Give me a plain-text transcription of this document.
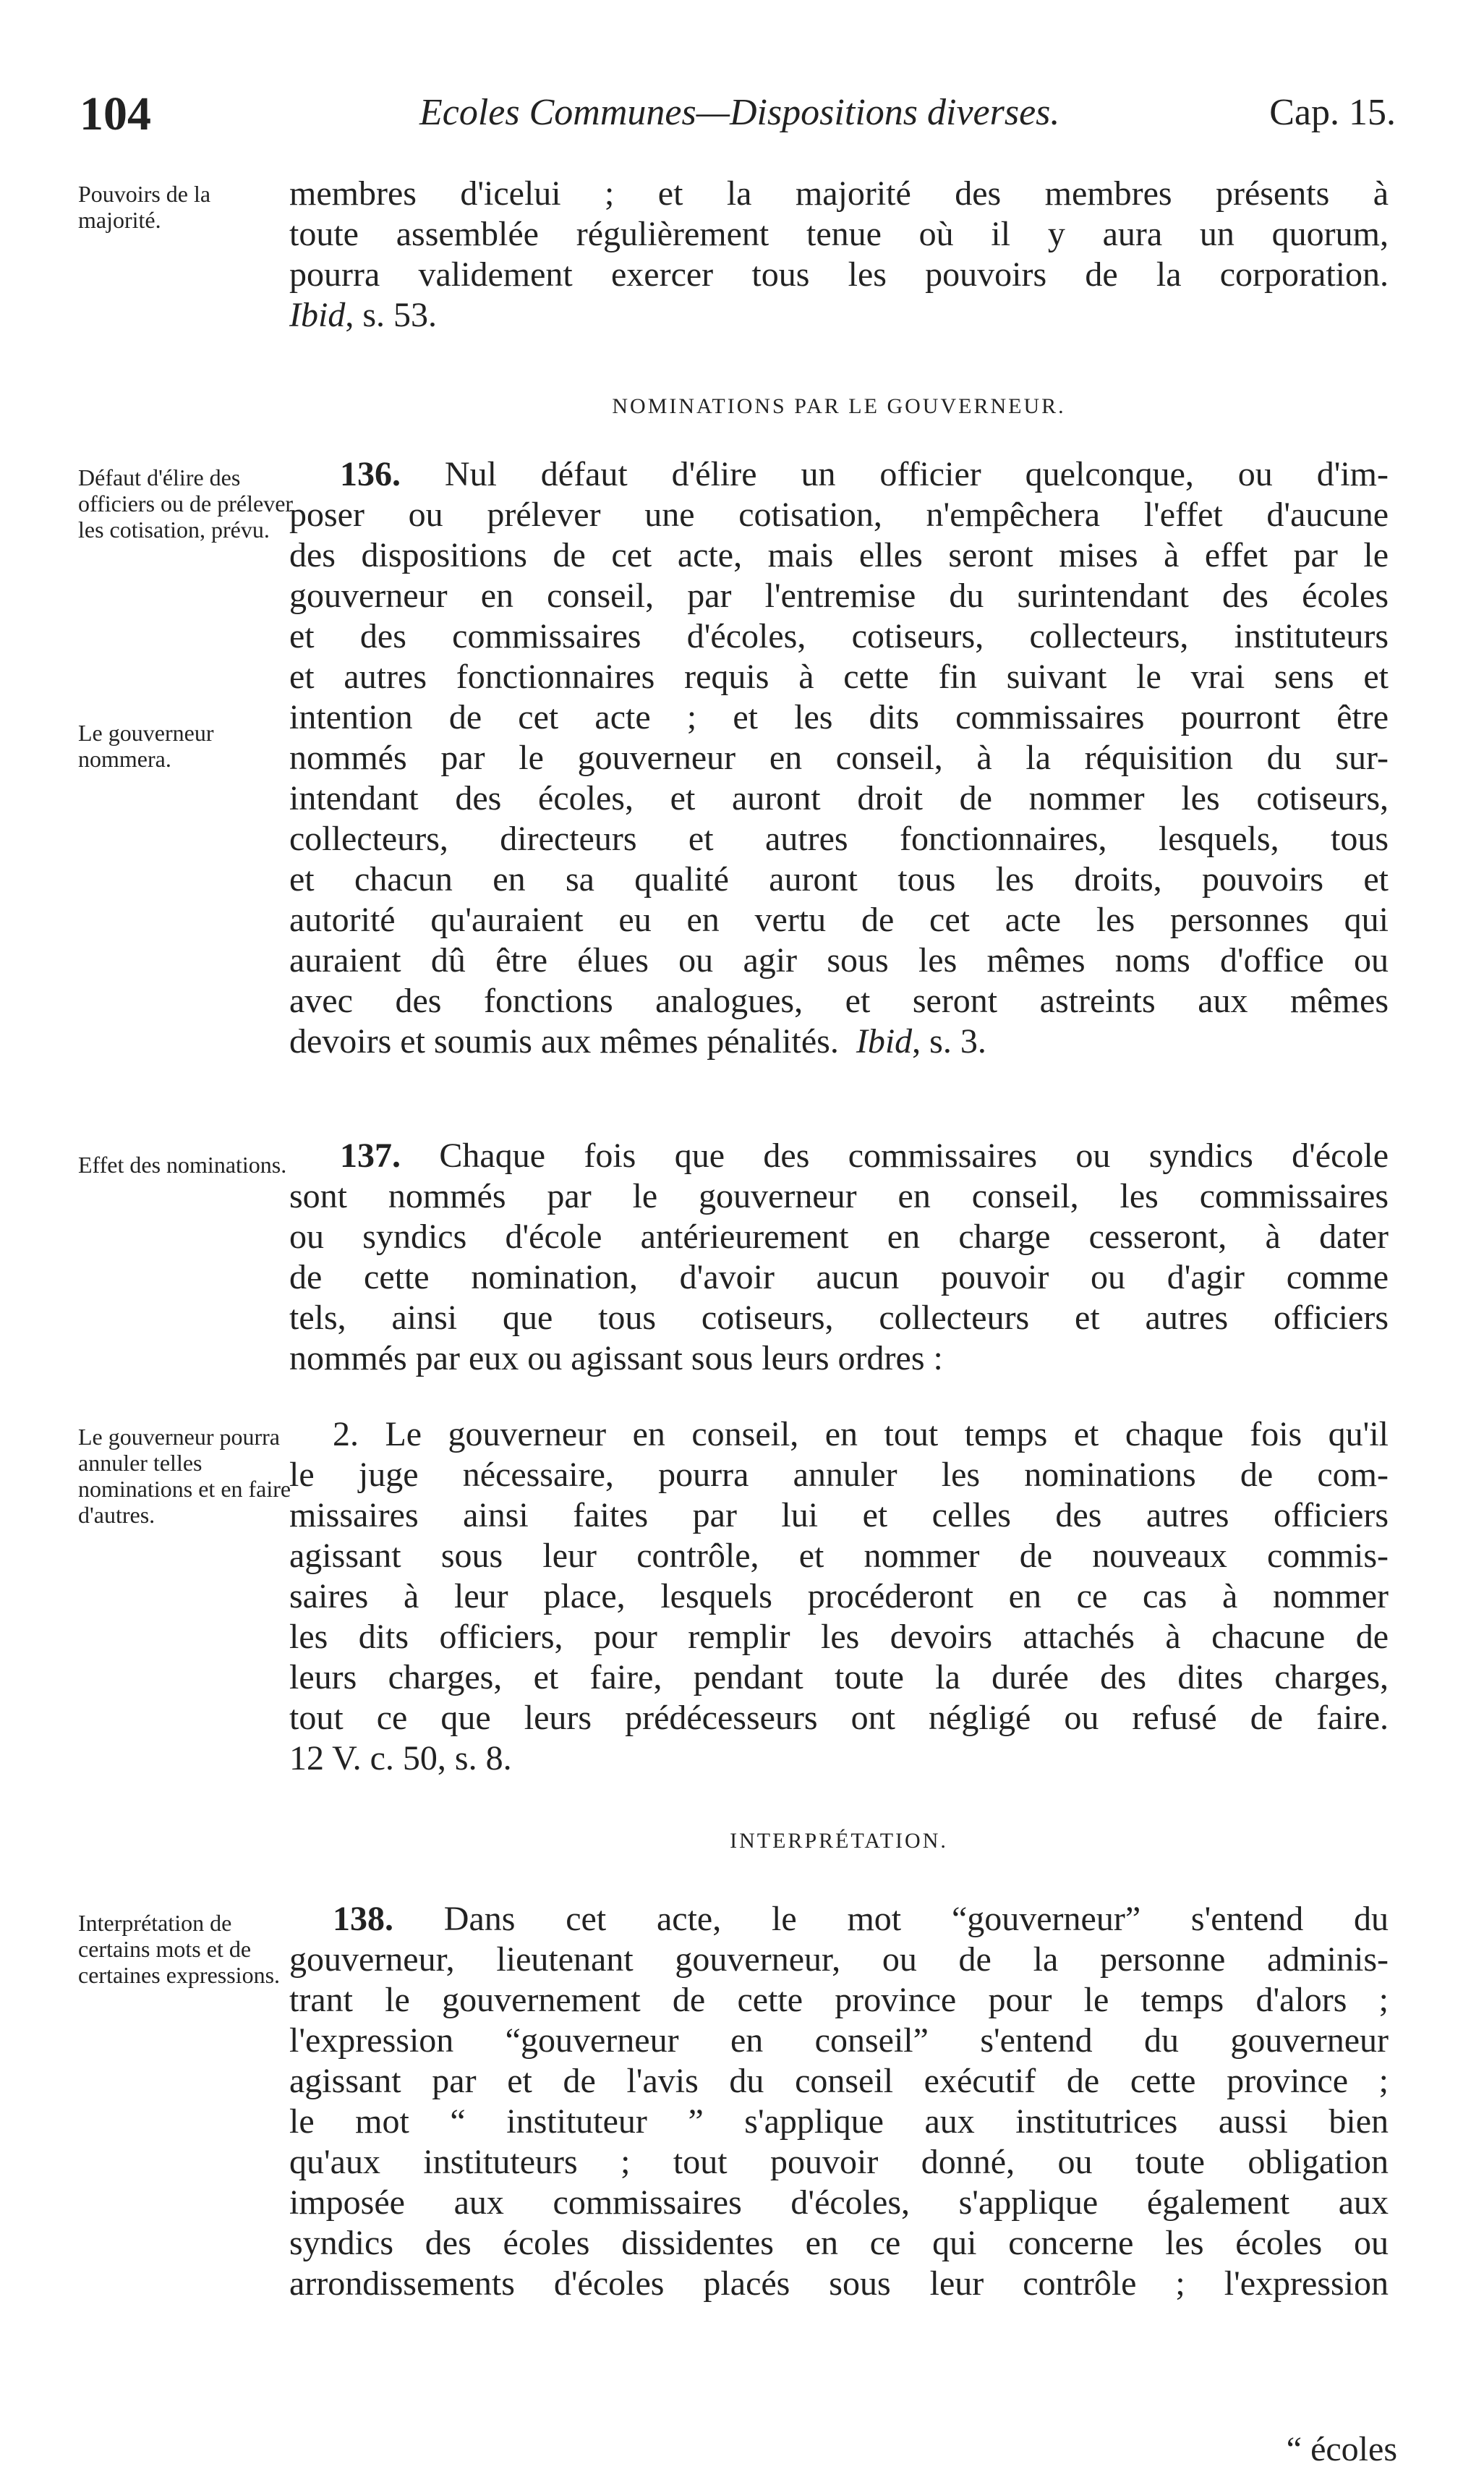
104	Ecoles Communes—Dispositions diverses.	Cap. 15.
Pouvoirs de la majorité.
membres d'icelui ; et la majorité des membres présents à
toute assemblée régulièrement tenue où il y aura un quorum,
pourra validement exercer tous les pouvoirs de la corporation.
Ibid, s. 53.
NOMINATIONS PAR LE GOUVERNEUR.
Défaut d'élire des officiers ou de prélever les cotisation, prévu.
Le gouverneur nommera.
136. Nul défaut d'élire un officier quelconque, ou d'im-
poser ou prélever une cotisation, n'empêchera l'effet d'aucune
des dispositions de cet acte, mais elles seront mises à effet par le
gouverneur en conseil, par l'entremise du surintendant des écoles
et des commissaires d'écoles, cotiseurs, collecteurs, instituteurs
et autres fonctionnaires requis à cette fin suivant le vrai sens et
intention de cet acte ; et les dits commissaires pourront être
nommés par le gouverneur en conseil, à la réquisition du sur-
intendant des écoles, et auront droit de nommer les cotiseurs,
collecteurs, directeurs et autres fonctionnaires, lesquels, tous
et chacun en sa qualité auront tous les droits, pouvoirs et
autorité qu'auraient eu en vertu de cet acte les personnes qui
auraient dû être élues ou agir sous les mêmes noms d'office ou
avec des fonctions analogues, et seront astreints aux mêmes
devoirs et soumis aux mêmes pénalités. Ibid, s. 3.
Effet des nominations.	137. Chaque fois que des commissaires ou syndics d'école
sont nommés par le gouverneur en conseil, les commissaires
ou syndics d'école antérieurement en charge cesseront, à dater
de cette nomination, d'avoir aucun pouvoir ou d'agir comme
tels, ainsi que tous cotiseurs, collecteurs et autres officiers
nommés par eux ou agissant sous leurs ordres :
Le gouverneur pourra annuler telles nominations et en faire d'autres.
2. Le gouverneur en conseil, en tout temps et chaque fois qu'il
le juge nécessaire, pourra annuler les nominations de com-
missaires ainsi faites par lui et celles des autres officiers
agissant sous leur contrôle, et nommer de nouveaux commis-
saires à leur place, lesquels procéderont en ce cas à nommer
les dits officiers, pour remplir les devoirs attachés à chacune de
leurs charges, et faire, pendant toute la durée des dites charges,
tout ce que leurs prédécesseurs ont négligé ou refusé de faire.
12 V. c. 50, s. 8.
INTERPRÉTATION.
Interprétation de certains mots et de certaines expressions.
138. Dans cet acte, le mot “gouverneur” s'entend du
gouverneur, lieutenant gouverneur, ou de la personne adminis-
trant le gouvernement de cette province pour le temps d'alors ;
l'expression “gouverneur en conseil” s'entend du gouverneur
agissant par et de l'avis du conseil exécutif de cette province ;
le mot “ instituteur ” s'applique aux institutrices aussi bien
qu'aux instituteurs ; tout pouvoir donné, ou toute obligation
imposée aux commissaires d'écoles, s'applique également aux
syndics des écoles dissidentes en ce qui concerne les écoles ou
arrondissements d'écoles placés sous leur contrôle ; l'expression
“ écoles
